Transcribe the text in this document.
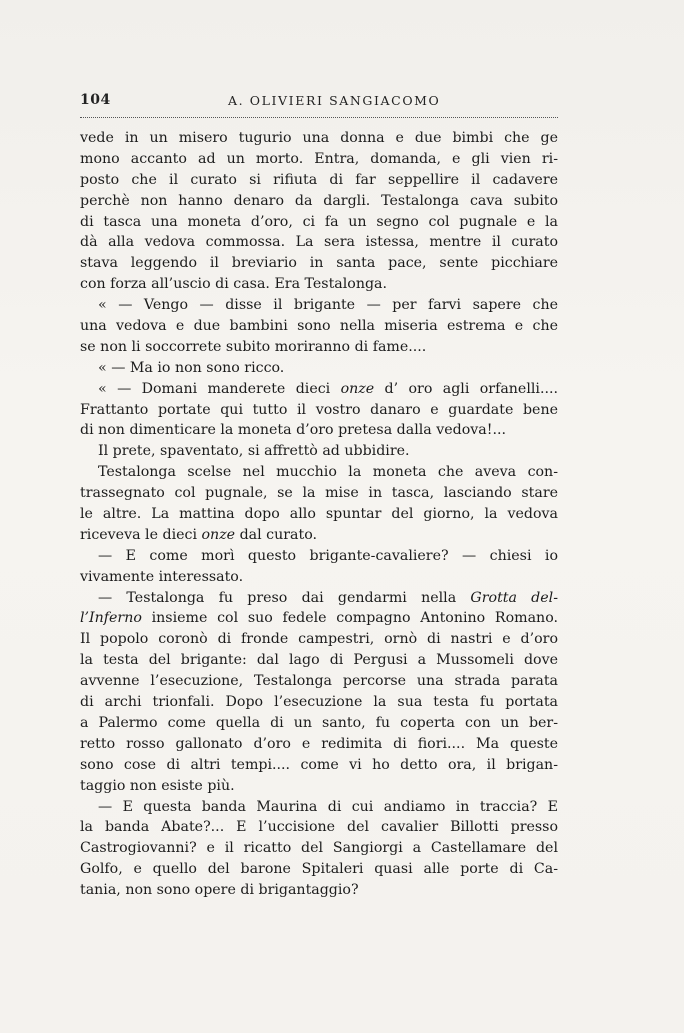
104	A. OLIVIERI SANGIACOMO
vede in un misero tugurio una donna e due bimbi che ge
mono accanto ad un morto. Entra, domanda, e gli vien ri-
posto che il curato si rifiuta di far seppellire il cadavere
perchè non hanno denaro da dargli. Testalonga cava subito
di tasca una moneta d’oro, ci fa un segno col pugnale e la
dà alla vedova commossa. La sera istessa, mentre il curato
stava leggendo il breviario in santa pace, sente picchiare
con forza all’uscio di casa. Era Testalonga.
« — Vengo — disse il brigante — per farvi sapere che
una vedova e due bambini sono nella miseria estrema e che
se non li soccorrete subito moriranno di fame....
« — Ma io non sono ricco.
« — Domani manderete dieci onze d’ oro agli orfanelli....
Frattanto portate qui tutto il vostro danaro e guardate bene
di non dimenticare la moneta d’oro pretesa dalla vedova!...
Il prete, spaventato, si affrettò ad ubbidire.
Testalonga scelse nel mucchio la moneta che aveva con-
trassegnato col pugnale, se la mise in tasca, lasciando stare
le altre. La mattina dopo allo spuntar del giorno, la vedova
riceveva le dieci onze dal curato.
— E come morì questo brigante-cavaliere? — chiesi io
vivamente interessato.
— Testalonga fu preso dai gendarmi nella Grotta del-
l’Inferno insieme col suo fedele compagno Antonino Romano.
Il popolo coronò di fronde campestri, ornò di nastri e d’oro
la testa del brigante: dal lago di Pergusi a Mussomeli dove
avvenne l’esecuzione, Testalonga percorse una strada parata
di archi trionfali. Dopo l’esecuzione la sua testa fu portata
a Palermo come quella di un santo, fu coperta con un ber-
retto rosso gallonato d’oro e redimita di fiori.... Ma queste
sono cose di altri tempi.... come vi ho detto ora, il brigan-
taggio non esiste più.
— E questa banda Maurina di cui andiamo in traccia? E
la banda Abate?... E l’uccisione del cavalier Billotti presso
Castrogiovanni? e il ricatto del Sangiorgi a Castellamare del
Golfo, e quello del barone Spitaleri quasi alle porte di Ca-
tania, non sono opere di brigantaggio?
